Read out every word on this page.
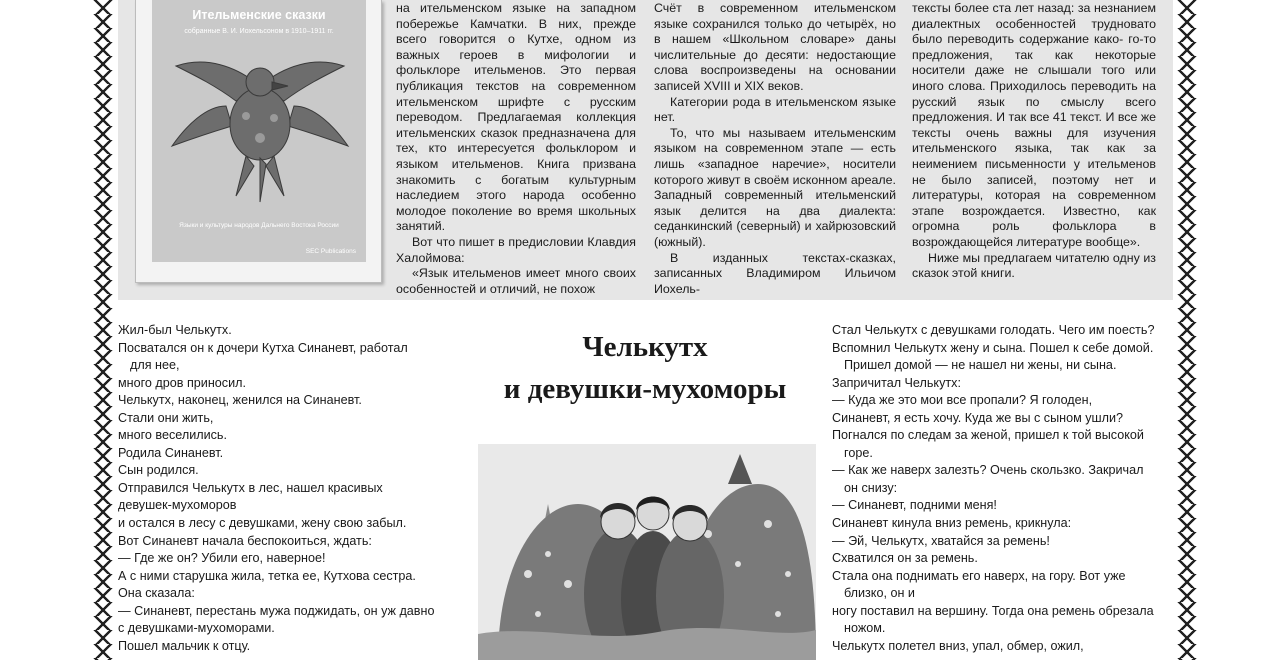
Ительменские сказки
собранные В. И. Иохельсоном в 1910–1911 гг.
Языки и культуры народов Дальнего Востока России
SEC Publications

на ительменском языке на западном побережье Камчатки. В них, прежде всего говорится о Кутхе, одном из важных героев в мифологии и фольклоре ительменов. Это первая публикация текстов на современном ительменском шрифте с русским переводом. Предлагаемая коллекция ительменских сказок предназначена для тех, кто интересуется фольклором и языком ительменов. Книга призвана знакомить с богатым культурным наследием этого народа особенно молодое поколение во время школьных занятий.

Вот что пишет в предисловии Клавдия Халоймова:

«Язык ительменов имеет много своих особенностей и отличий, не похож

Счёт в современном ительменском языке сохранился только до четырёх, но в нашем «Школьном словаре» даны числительные до десяти: недостающие слова воспроизведены на основании записей XVIII и XIX веков.

Категории рода в ительменском языке нет.

То, что мы называем ительменским языком на современном этапе — есть лишь «западное наречие», носители которого живут в своём исконном ареале. Западный современный ительменский язык делится на два диалекта: седанкинский (северный) и хайрюзовский (южный).

В изданных текстах-сказках, записанных Владимиром Ильичом Иохель-

тексты более ста лет назад: за незнанием диалектных особенностей трудновато было переводить содержание како- го-то предложения, так как некоторые носители даже не слышали того или иного слова. Приходилось переводить на русский язык по смыслу всего предложения. И так все 41 текст. И все же тексты очень важны для изучения ительменского языка, так как за неимением письменности у ительменов не было записей, поэтому нет и литературы, которая на современном этапе возрождается. Известно, как огромна роль фольклора в возрождающейся литературе вообще».

Ниже мы предлагаем читателю одну из сказок этой книги.

Жил-был Челькутх.

Посватался он к дочери Кутха Синаневт, работал

для нее,

много дров приносил.

Челькутх, наконец, женился на Синаневт.

Стали они жить,

много веселились.

Родила Синаневт.

Сын родился.

Отправился Челькутх в лес, нашел красивых

девушек-мухоморов

и остался в лесу с девушками, жену свою забыл.

Вот Синаневт начала беспокоиться, ждать:

— Где же он? Убили его, наверное!

А с ними старушка жила, тетка ее, Кутхова сестра.

Она сказала:

— Синаневт, перестань мужа поджидать, он уж давно

с девушками-мухоморами.

Пошел мальчик к отцу.

Челькутх
и девушки-мухоморы

Стал Челькутх с девушками голодать. Чего им поесть?

Вспомнил Челькутх жену и сына. Пошел к себе домой.

Пришел домой — не нашел ни жены, ни сына.

Запричитал Челькутх:

— Куда же это мои все пропали? Я голоден,

Синаневт, я есть хочу. Куда же вы с сыном ушли?

Погнался по следам за женой, пришел к той высокой

горе.

— Как же наверх залезть? Очень скользко. Закричал

он снизу:

— Синаневт, подними меня!

Синаневт кинула вниз ремень, крикнула:

— Эй, Челькутх, хватайся за ремень!

Схватился он за ремень.

Стала она поднимать его наверх, на гору. Вот уже

близко, он и

ногу поставил на вершину. Тогда она ремень обрезала

ножом.

Челькутх полетел вниз, упал, обмер, ожил,
